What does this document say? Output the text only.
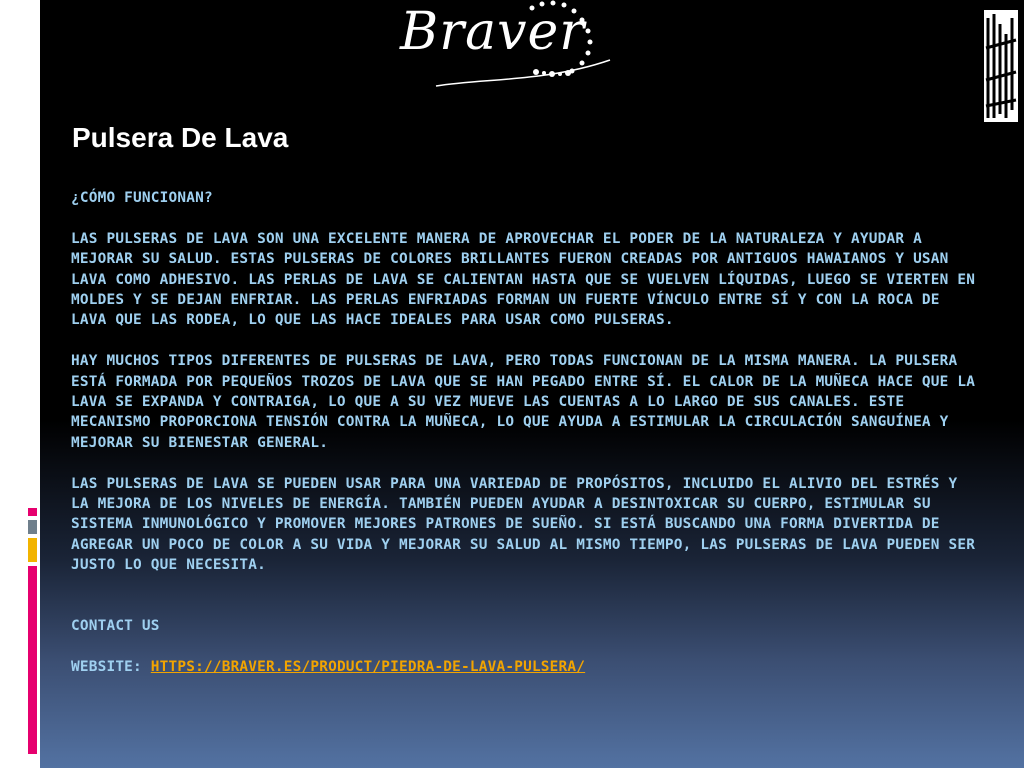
Braver
Pulsera De Lava

¿CÓMO FUNCIONAN?

LAS PULSERAS DE LAVA SON UNA EXCELENTE MANERA DE APROVECHAR EL PODER DE LA NATURALEZA Y AYUDAR A MEJORAR SU SALUD. ESTAS PULSERAS DE COLORES BRILLANTES FUERON CREADAS POR ANTIGUOS HAWAIANOS Y USAN LAVA COMO ADHESIVO. LAS PERLAS DE LAVA SE CALIENTAN HASTA QUE SE VUELVEN LÍQUIDAS, LUEGO SE VIERTEN EN MOLDES Y SE DEJAN ENFRIAR. LAS PERLAS ENFRIADAS FORMAN UN FUERTE VÍNCULO ENTRE SÍ Y CON LA ROCA DE LAVA QUE LAS RODEA, LO QUE LAS HACE IDEALES PARA USAR COMO PULSERAS.

HAY MUCHOS TIPOS DIFERENTES DE PULSERAS DE LAVA, PERO TODAS FUNCIONAN DE LA MISMA MANERA. LA PULSERA ESTÁ FORMADA POR PEQUEÑOS TROZOS DE LAVA QUE SE HAN PEGADO ENTRE SÍ. EL CALOR DE LA MUÑECA HACE QUE LA LAVA SE EXPANDA Y CONTRAIGA, LO QUE A SU VEZ MUEVE LAS CUENTAS A LO LARGO DE SUS CANALES. ESTE MECANISMO PROPORCIONA TENSIÓN CONTRA LA MUÑECA, LO QUE AYUDA A ESTIMULAR LA CIRCULACIÓN SANGUÍNEA Y MEJORAR SU BIENESTAR GENERAL.

LAS PULSERAS DE LAVA SE PUEDEN USAR PARA UNA VARIEDAD DE PROPÓSITOS, INCLUIDO EL ALIVIO DEL ESTRÉS Y LA MEJORA DE LOS NIVELES DE ENERGÍA. TAMBIÉN PUEDEN AYUDAR A DESINTOXICAR SU CUERPO, ESTIMULAR SU SISTEMA INMUNOLÓGICO Y PROMOVER MEJORES PATRONES DE SUEÑO. SI ESTÁ BUSCANDO UNA FORMA DIVERTIDA DE AGREGAR UN POCO DE COLOR A SU VIDA Y MEJORAR SU SALUD AL MISMO TIEMPO, LAS PULSERAS DE LAVA PUEDEN SER JUSTO LO QUE NECESITA.

CONTACT US

WEBSITE: HTTPS://BRAVER.ES/PRODUCT/PIEDRA-DE-LAVA-PULSERA/
